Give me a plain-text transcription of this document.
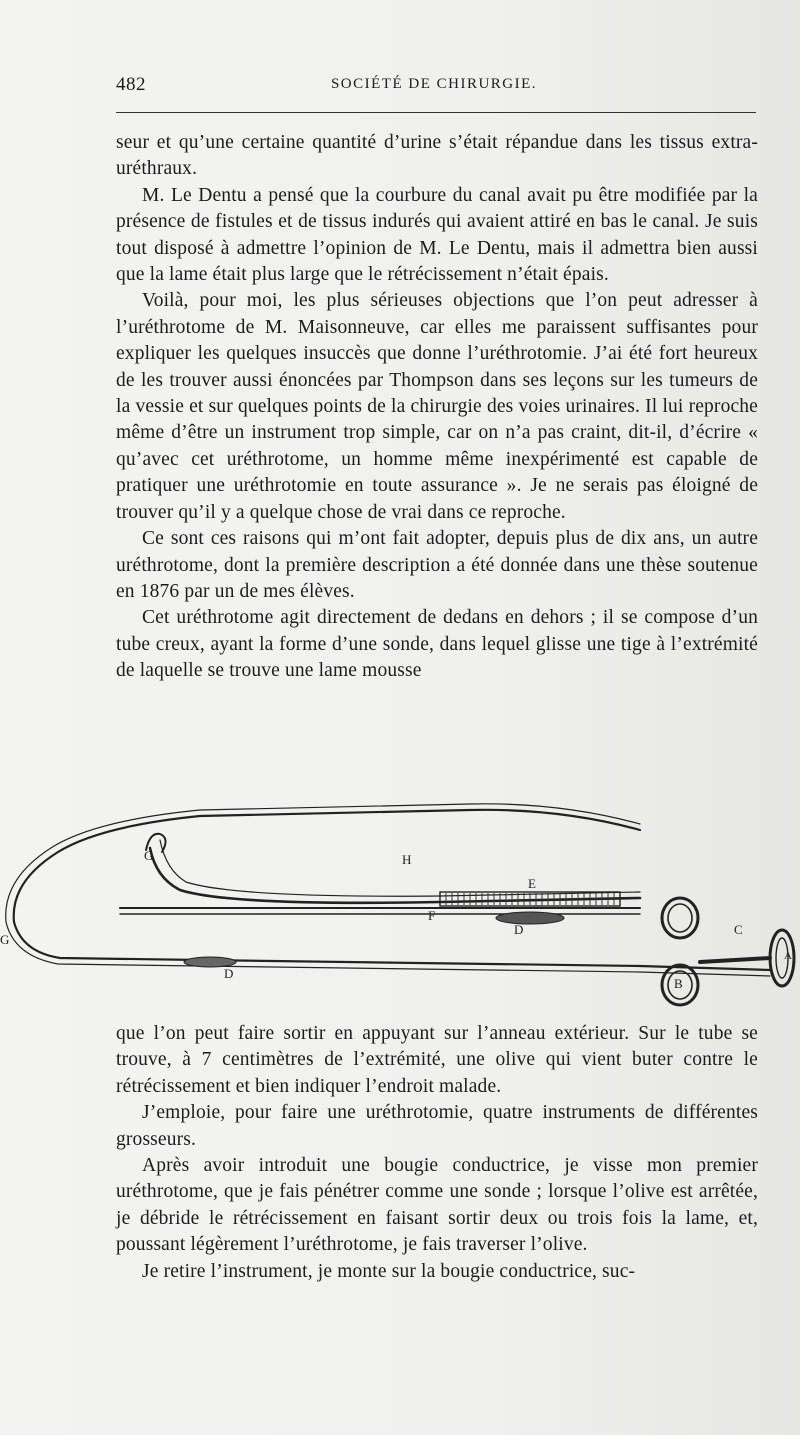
482	SOCIÉTÉ DE CHIRURGIE.

seur et qu’une certaine quantité d’urine s’était répandue dans les tissus extra-uréthraux.

M. Le Dentu a pensé que la courbure du canal avait pu être modifiée par la présence de fistules et de tissus indurés qui avaient attiré en bas le canal. Je suis tout disposé à admettre l’opinion de M. Le Dentu, mais il admettra bien aussi que la lame était plus large que le rétrécissement n’était épais.

Voilà, pour moi, les plus sérieuses objections que l’on peut adresser à l’uréthrotome de M. Maisonneuve, car elles me paraissent suffisantes pour expliquer les quelques insuccès que donne l’uréthrotomie. J’ai été fort heureux de les trouver aussi énoncées par Thompson dans ses leçons sur les tumeurs de la vessie et sur quelques points de la chirurgie des voies urinaires. Il lui reproche même d’être un instrument trop simple, car on n’a pas craint, dit-il, d’écrire « qu’avec cet uréthrotome, un homme même inexpérimenté est capable de pratiquer une uréthrotomie en toute assurance ». Je ne serais pas éloigné de trouver qu’il y a quelque chose de vrai dans ce reproche.

Ce sont ces raisons qui m’ont fait adopter, depuis plus de dix ans, un autre uréthrotome, dont la première description a été donnée dans une thèse soutenue en 1876 par un de mes élèves.

Cet uréthrotome agit directement de dedans en dehors ; il se compose d’un tube creux, ayant la forme d’une sonde, dans lequel glisse une tige à l’extrémité de laquelle se trouve une lame mousse

G	H
E
F
D	C
G
D
B
A

que l’on peut faire sortir en appuyant sur l’anneau extérieur. Sur le tube se trouve, à 7 centimètres de l’extrémité, une olive qui vient buter contre le rétrécissement et bien indiquer l’endroit malade.

J’emploie, pour faire une uréthrotomie, quatre instruments de différentes grosseurs.

Après avoir introduit une bougie conductrice, je visse mon premier uréthrotome, que je fais pénétrer comme une sonde ; lorsque l’olive est arrêtée, je débride le rétrécissement en faisant sortir deux ou trois fois la lame, et, poussant légèrement l’uréthrotome, je fais traverser l’olive.

Je retire l’instrument, je monte sur la bougie conductrice, suc-
